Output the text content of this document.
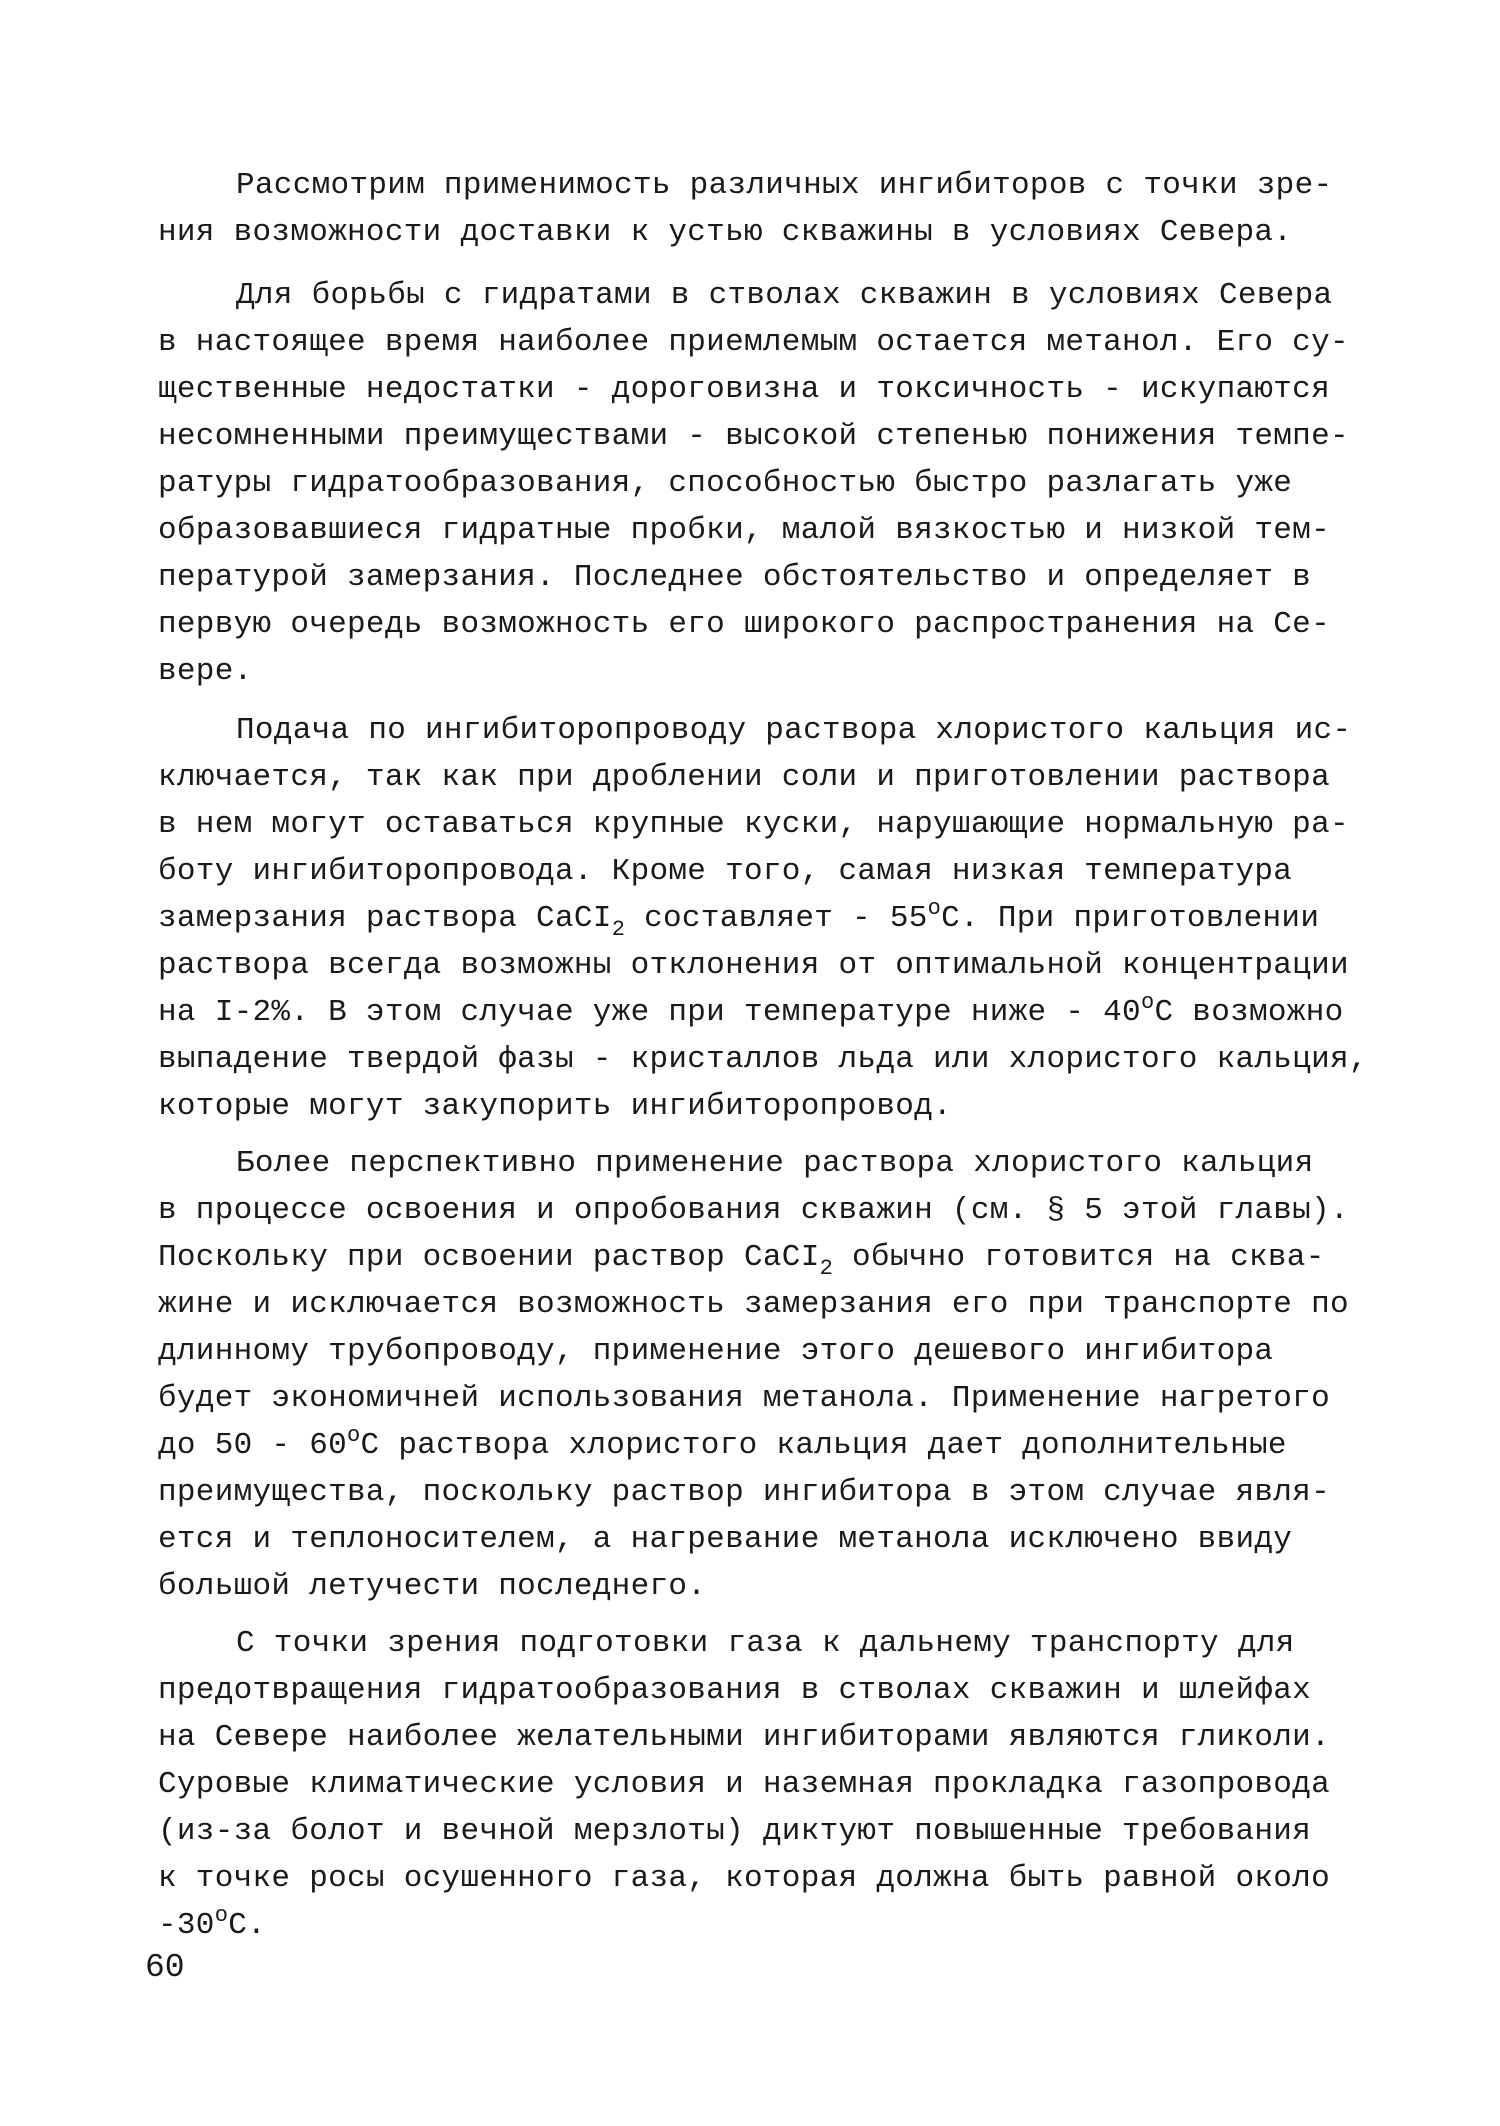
Рассмотрим применимость различных ингибиторов с точки зре-
ния возможности доставки к устью скважины в условиях Севера.
Для борьбы с гидратами в стволах скважин в условиях Севера
в настоящее время наиболее приемлемым остается метанол. Его су-
щественные недостатки - дороговизна и токсичность - искупаются
несомненными преимуществами - высокой степенью понижения темпе-
ратуры гидратообразования, способностью быстро разлагать уже
образовавшиеся гидратные пробки, малой вязкостью и низкой тем-
пературой замерзания. Последнее обстоятельство и определяет в
первую очередь возможность его широкого распространения на Се-
вере.
Подача по ингибиторопроводу раствора хлористого кальция ис-
ключается, так как при дроблении соли и приготовлении раствора
в нем могут оставаться крупные куски, нарушающие нормальную ра-
боту ингибиторопровода. Кроме того, самая низкая температура
замерзания раствора CaCI$_2$ составляет - $55^оС$. При приготовлении
раствора всегда возможны отклонения от оптимальной концентрации
на I-2%. В этом случае уже при температуре ниже - $40^оС$ возможно
выпадение твердой фазы - кристаллов льда или хлористого кальция,
которые могут закупорить ингибиторопровод.
Более перспективно применение раствора хлористого кальция
в процессе освоения и опробования скважин (см. § 5 этой главы).
Поскольку при освоении раствор CaCI$_2$ обычно готовится на сква-
жине и исключается возможность замерзания его при транспорте по
длинному трубопроводу, применение этого дешевого ингибитора
будет экономичней использования метанола. Применение нагретого
до $50 - 60^оС$ раствора хлористого кальция дает дополнительные
преимущества, поскольку раствор ингибитора в этом случае явля-
ется и теплоносителем, а нагревание метанола исключено ввиду
большой летучести последнего.
С точки зрения подготовки газа к дальнему транспорту для
предотвращения гидратообразования в стволах скважин и шлейфах
на Севере наиболее желательными ингибиторами являются гликоли.
Суровые климатические условия и наземная прокладка газопровода
(из-за болот и вечной мерзлоты) диктуют повышенные требования
к точке росы осушенного газа, которая должна быть равной около
$-30^оС$.
60
